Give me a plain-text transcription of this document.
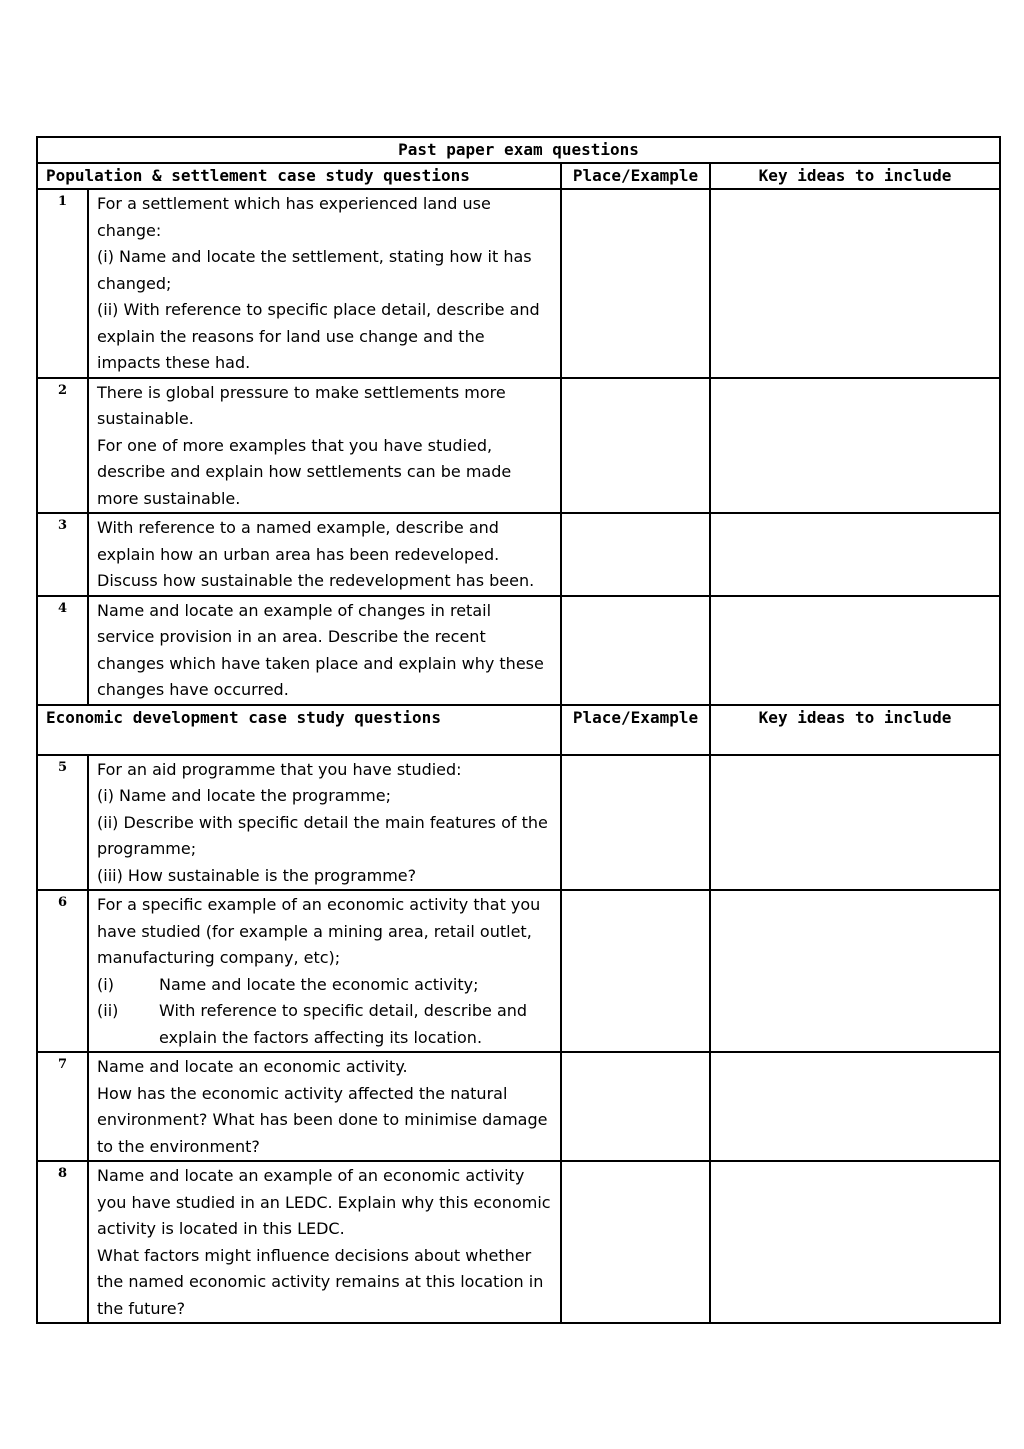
Past paper exam questions			
Population & settlement case study questions		Place/Example	Key ideas to include
1	For a settlement which has experienced land use change:
(i) Name and locate the settlement, stating how it has changed;
(ii) With reference to specific place detail, describe and explain the reasons for land use change and the impacts these had.		

2	There is global pressure to make settlements more sustainable.
For one of more examples that you have studied, describe and explain how settlements can be made more sustainable.		

3	With reference to a named example, describe and explain how an urban area has been redeveloped.
Discuss how sustainable the redevelopment has been.		

4	Name and locate an example of changes in retail service provision in an area. Describe the recent changes which have taken place and explain why these changes have occurred.		

Economic development case study questions		Place/Example	Key ideas to include
5	For an aid programme that you have studied:
(i) Name and locate the programme;
(ii) Describe with specific detail the main features of the programme;
(iii) How sustainable is the programme?		

6	For a specific example of an economic activity that you have studied (for example a mining area, retail outlet, manufacturing company, etc);
(i) Name and locate the economic activity;
(ii) With reference to specific detail, describe and explain the factors affecting its location.		

7	Name and locate an economic activity.
How has the economic activity affected the natural environment? What has been done to minimise damage to the environment?		

8	Name and locate an example of an economic activity you have studied in an LEDC. Explain why this economic activity is located in this LEDC.
What factors might influence decisions about whether the named economic activity remains at this location in the future?		
